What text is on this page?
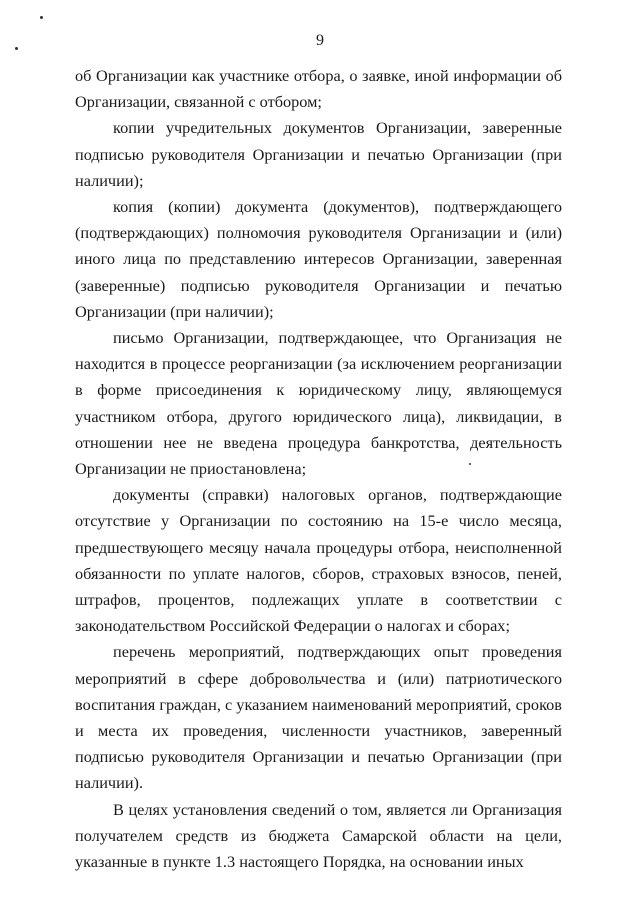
9

об Организации как участнике отбора, о заявке, иной информации об Организации, связанной с отбором;

копии учредительных документов Организации, заверенные подписью руководителя Организации и печатью Организации (при наличии);

копия (копии) документа (документов), подтверждающего (подтверждающих) полномочия руководителя Организации и (или) иного лица по представлению интересов Организации, заверенная (заверенные) подписью руководителя Организации и печатью Организации (при наличии);

письмо Организации, подтверждающее, что Организация не находится в процессе реорганизации (за исключением реорганизации в форме присоединения к юридическому лицу, являющемуся участником отбора, другого юридического лица), ликвидации, в отношении нее не введена процедура банкротства, деятельность Организации не приостановлена;

документы (справки) налоговых органов, подтверждающие отсутствие у Организации по состоянию на 15-е число месяца, предшествующего месяцу начала процедуры отбора, неисполненной обязанности по уплате налогов, сборов, страховых взносов, пеней, штрафов, процентов, подлежащих уплате в соответствии с законодательством Российской Федерации о налогах и сборах;

перечень мероприятий, подтверждающих опыт проведения мероприятий в сфере добровольчества и (или) патриотического воспитания граждан, с указанием наименований мероприятий, сроков и места их проведения, численности участников, заверенный подписью руководителя Организации и печатью Организации (при наличии).

В целях установления сведений о том, является ли Организация получателем средств из бюджета Самарской области на цели, указанные в пункте 1.3 настоящего Порядка, на основании иных
